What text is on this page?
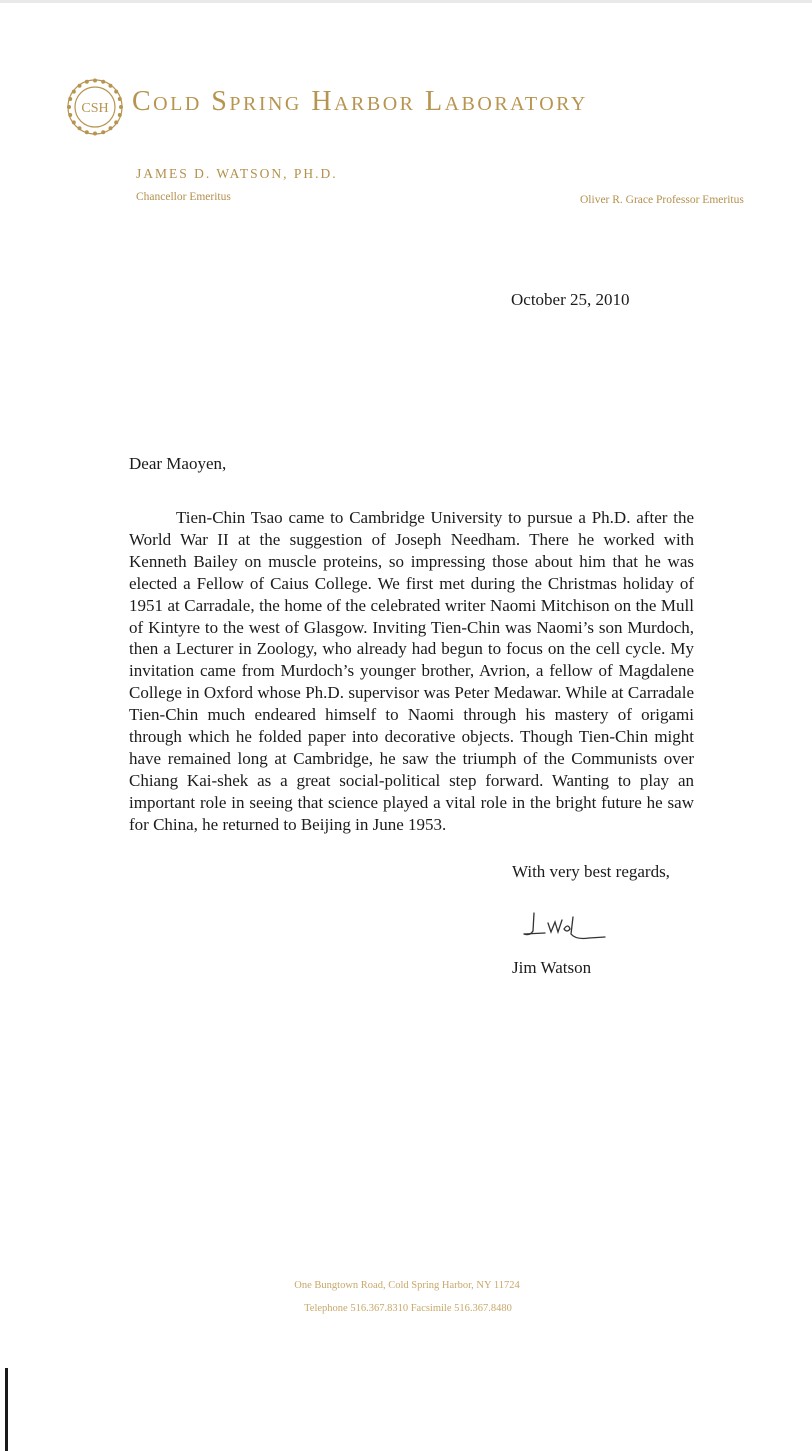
CSH Cold Spring Harbor Laboratory
JAMES D. WATSON, PH.D.
Chancellor Emeritus	Oliver R. Grace Professor Emeritus
October 25, 2010
Dear Maoyen,

Tien-Chin Tsao came to Cambridge University to pursue a Ph.D. after the World War II at the suggestion of Joseph Needham. There he worked with Kenneth Bailey on muscle proteins, so impressing those about him that he was elected a Fellow of Caius College. We first met during the Christmas holiday of 1951 at Carradale, the home of the celebrated writer Naomi Mitchison on the Mull of Kintyre to the west of Glasgow. Inviting Tien-Chin was Naomi’s son Murdoch, then a Lecturer in Zoology, who already had begun to focus on the cell cycle. My invitation came from Murdoch’s younger brother, Avrion, a fellow of Magdalene College in Oxford whose Ph.D. supervisor was Peter Medawar. While at Carradale Tien-Chin much endeared himself to Naomi through his mastery of origami through which he folded paper into decorative objects. Though Tien-Chin might have remained long at Cambridge, he saw the triumph of the Communists over Chiang Kai-shek as a great social-political step forward. Wanting to play an important role in seeing that science played a vital role in the bright future he saw for China, he returned to Beijing in June 1953.

With very best regards,
Jim Watson
One Bungtown Road, Cold Spring Harbor, NY 11724
Telephone 516.367.8310 Facsimile 516.367.8480
